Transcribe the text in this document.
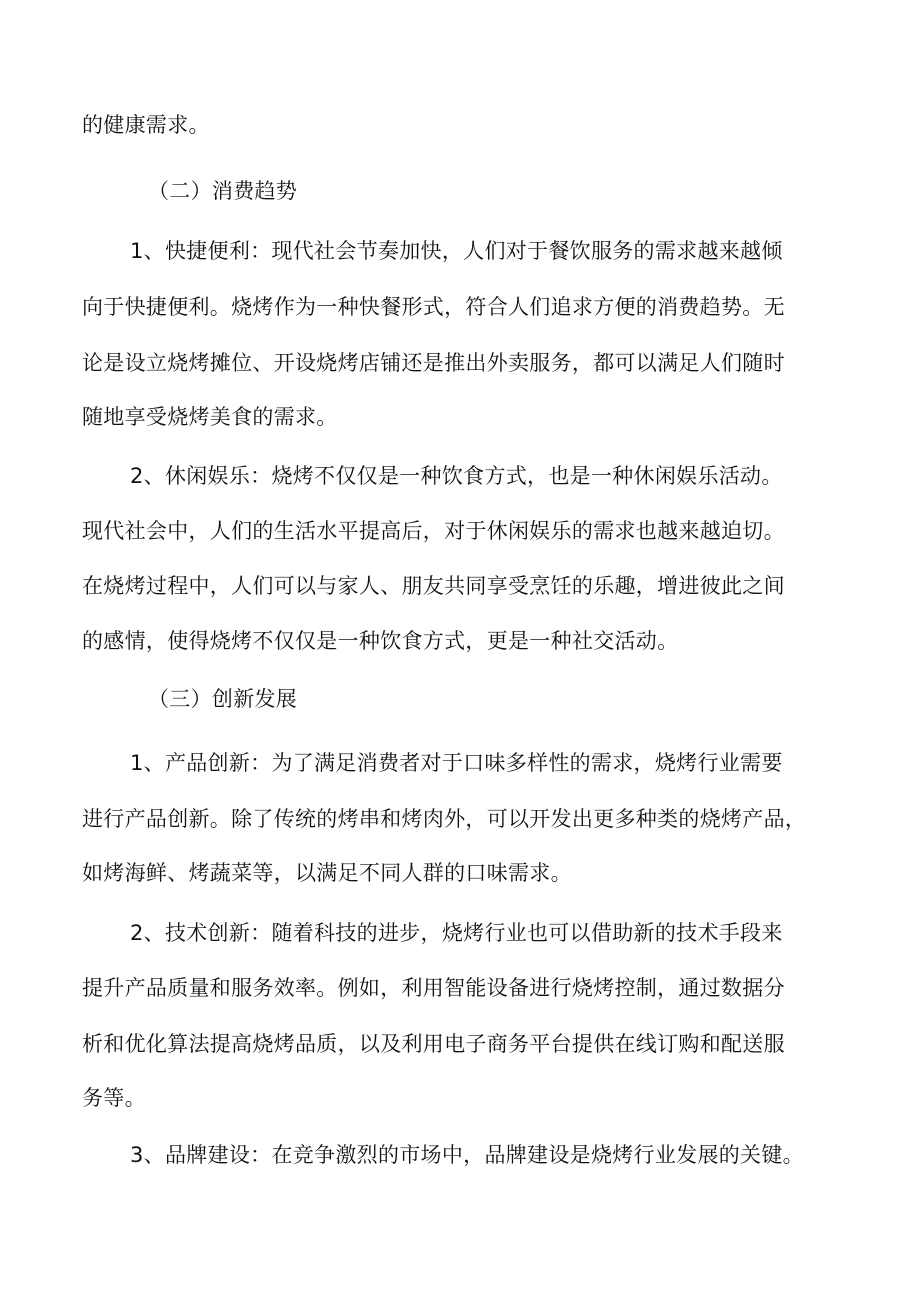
的健康需求。
（二）消费趋势
1、快捷便利：现代社会节奏加快，人们对于餐饮服务的需求越来越倾
向于快捷便利。烧烤作为一种快餐形式，符合人们追求方便的消费趋势。无
论是设立烧烤摊位、开设烧烤店铺还是推出外卖服务，都可以满足人们随时
随地享受烧烤美食的需求。
2、休闲娱乐：烧烤不仅仅是一种饮食方式，也是一种休闲娱乐活动。
现代社会中，人们的生活水平提高后，对于休闲娱乐的需求也越来越迫切。
在烧烤过程中，人们可以与家人、朋友共同享受烹饪的乐趣，增进彼此之间
的感情，使得烧烤不仅仅是一种饮食方式，更是一种社交活动。
（三）创新发展
1、产品创新：为了满足消费者对于口味多样性的需求，烧烤行业需要
进行产品创新。除了传统的烤串和烤肉外，可以开发出更多种类的烧烤产品，
如烤海鲜、烤蔬菜等，以满足不同人群的口味需求。
2、技术创新：随着科技的进步，烧烤行业也可以借助新的技术手段来
提升产品质量和服务效率。例如，利用智能设备进行烧烤控制，通过数据分
析和优化算法提高烧烤品质，以及利用电子商务平台提供在线订购和配送服
务等。
3、品牌建设：在竞争激烈的市场中，品牌建设是烧烤行业发展的关键。
